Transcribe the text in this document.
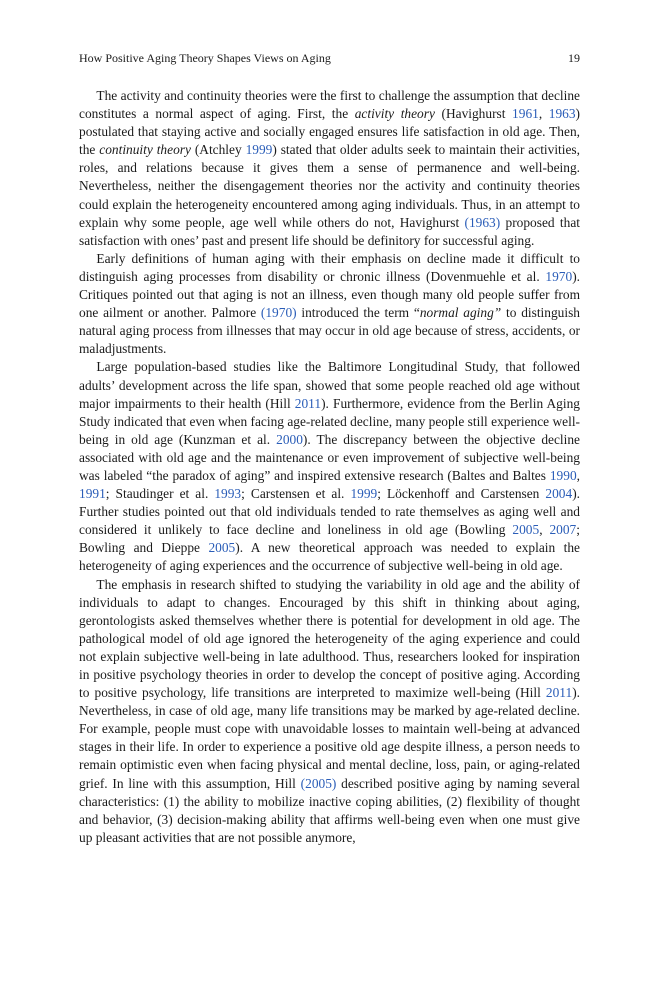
How Positive Aging Theory Shapes Views on Aging	19

The activity and continuity theories were the first to challenge the assumption that decline constitutes a normal aspect of aging. First, the activity theory (Havighurst 1961, 1963) postulated that staying active and socially engaged ensures life satisfaction in old age. Then, the continuity theory (Atchley 1999) stated that older adults seek to maintain their activities, roles, and relations because it gives them a sense of permanence and well-being. Nevertheless, neither the disengagement theories nor the activity and continuity theories could explain the heterogeneity encountered among aging individuals. Thus, in an attempt to explain why some people, age well while others do not, Havighurst (1963) proposed that satisfaction with ones’ past and present life should be definitory for successful aging.

Early definitions of human aging with their emphasis on decline made it difficult to distinguish aging processes from disability or chronic illness (Dovenmuehle et al. 1970). Critiques pointed out that aging is not an illness, even though many old people suffer from one ailment or another. Palmore (1970) introduced the term “normal aging” to distinguish natural aging process from illnesses that may occur in old age because of stress, accidents, or maladjustments.

Large population-based studies like the Baltimore Longitudinal Study, that followed adults’ development across the life span, showed that some people reached old age without major impairments to their health (Hill 2011). Furthermore, evidence from the Berlin Aging Study indicated that even when facing age-related decline, many people still experience well-being in old age (Kunzman et al. 2000). The discrepancy between the objective decline associated with old age and the maintenance or even improvement of subjective well-being was labeled “the paradox of aging” and inspired extensive research (Baltes and Baltes 1990, 1991; Staudinger et al. 1993; Carstensen et al. 1999; Löckenhoff and Carstensen 2004). Further studies pointed out that old individuals tended to rate themselves as aging well and considered it unlikely to face decline and loneliness in old age (Bowling 2005, 2007; Bowling and Dieppe 2005). A new theoretical approach was needed to explain the heterogeneity of aging experiences and the occurrence of subjective well-being in old age.

The emphasis in research shifted to studying the variability in old age and the ability of individuals to adapt to changes. Encouraged by this shift in thinking about aging, gerontologists asked themselves whether there is potential for development in old age. The pathological model of old age ignored the heterogeneity of the aging experience and could not explain subjective well-being in late adulthood. Thus, researchers looked for inspiration in positive psychology theories in order to develop the concept of positive aging. According to positive psychology, life transitions are interpreted to maximize well-being (Hill 2011). Nevertheless, in case of old age, many life transitions may be marked by age-related decline. For example, people must cope with unavoidable losses to maintain well-being at advanced stages in their life. In order to experience a positive old age despite illness, a person needs to remain optimistic even when facing physical and mental decline, loss, pain, or aging-related grief. In line with this assumption, Hill (2005) described positive aging by naming several characteristics: (1) the ability to mobilize inactive coping abilities, (2) flexibility of thought and behavior, (3) decision-making ability that affirms well-being even when one must give up pleasant activities that are not possible anymore,
